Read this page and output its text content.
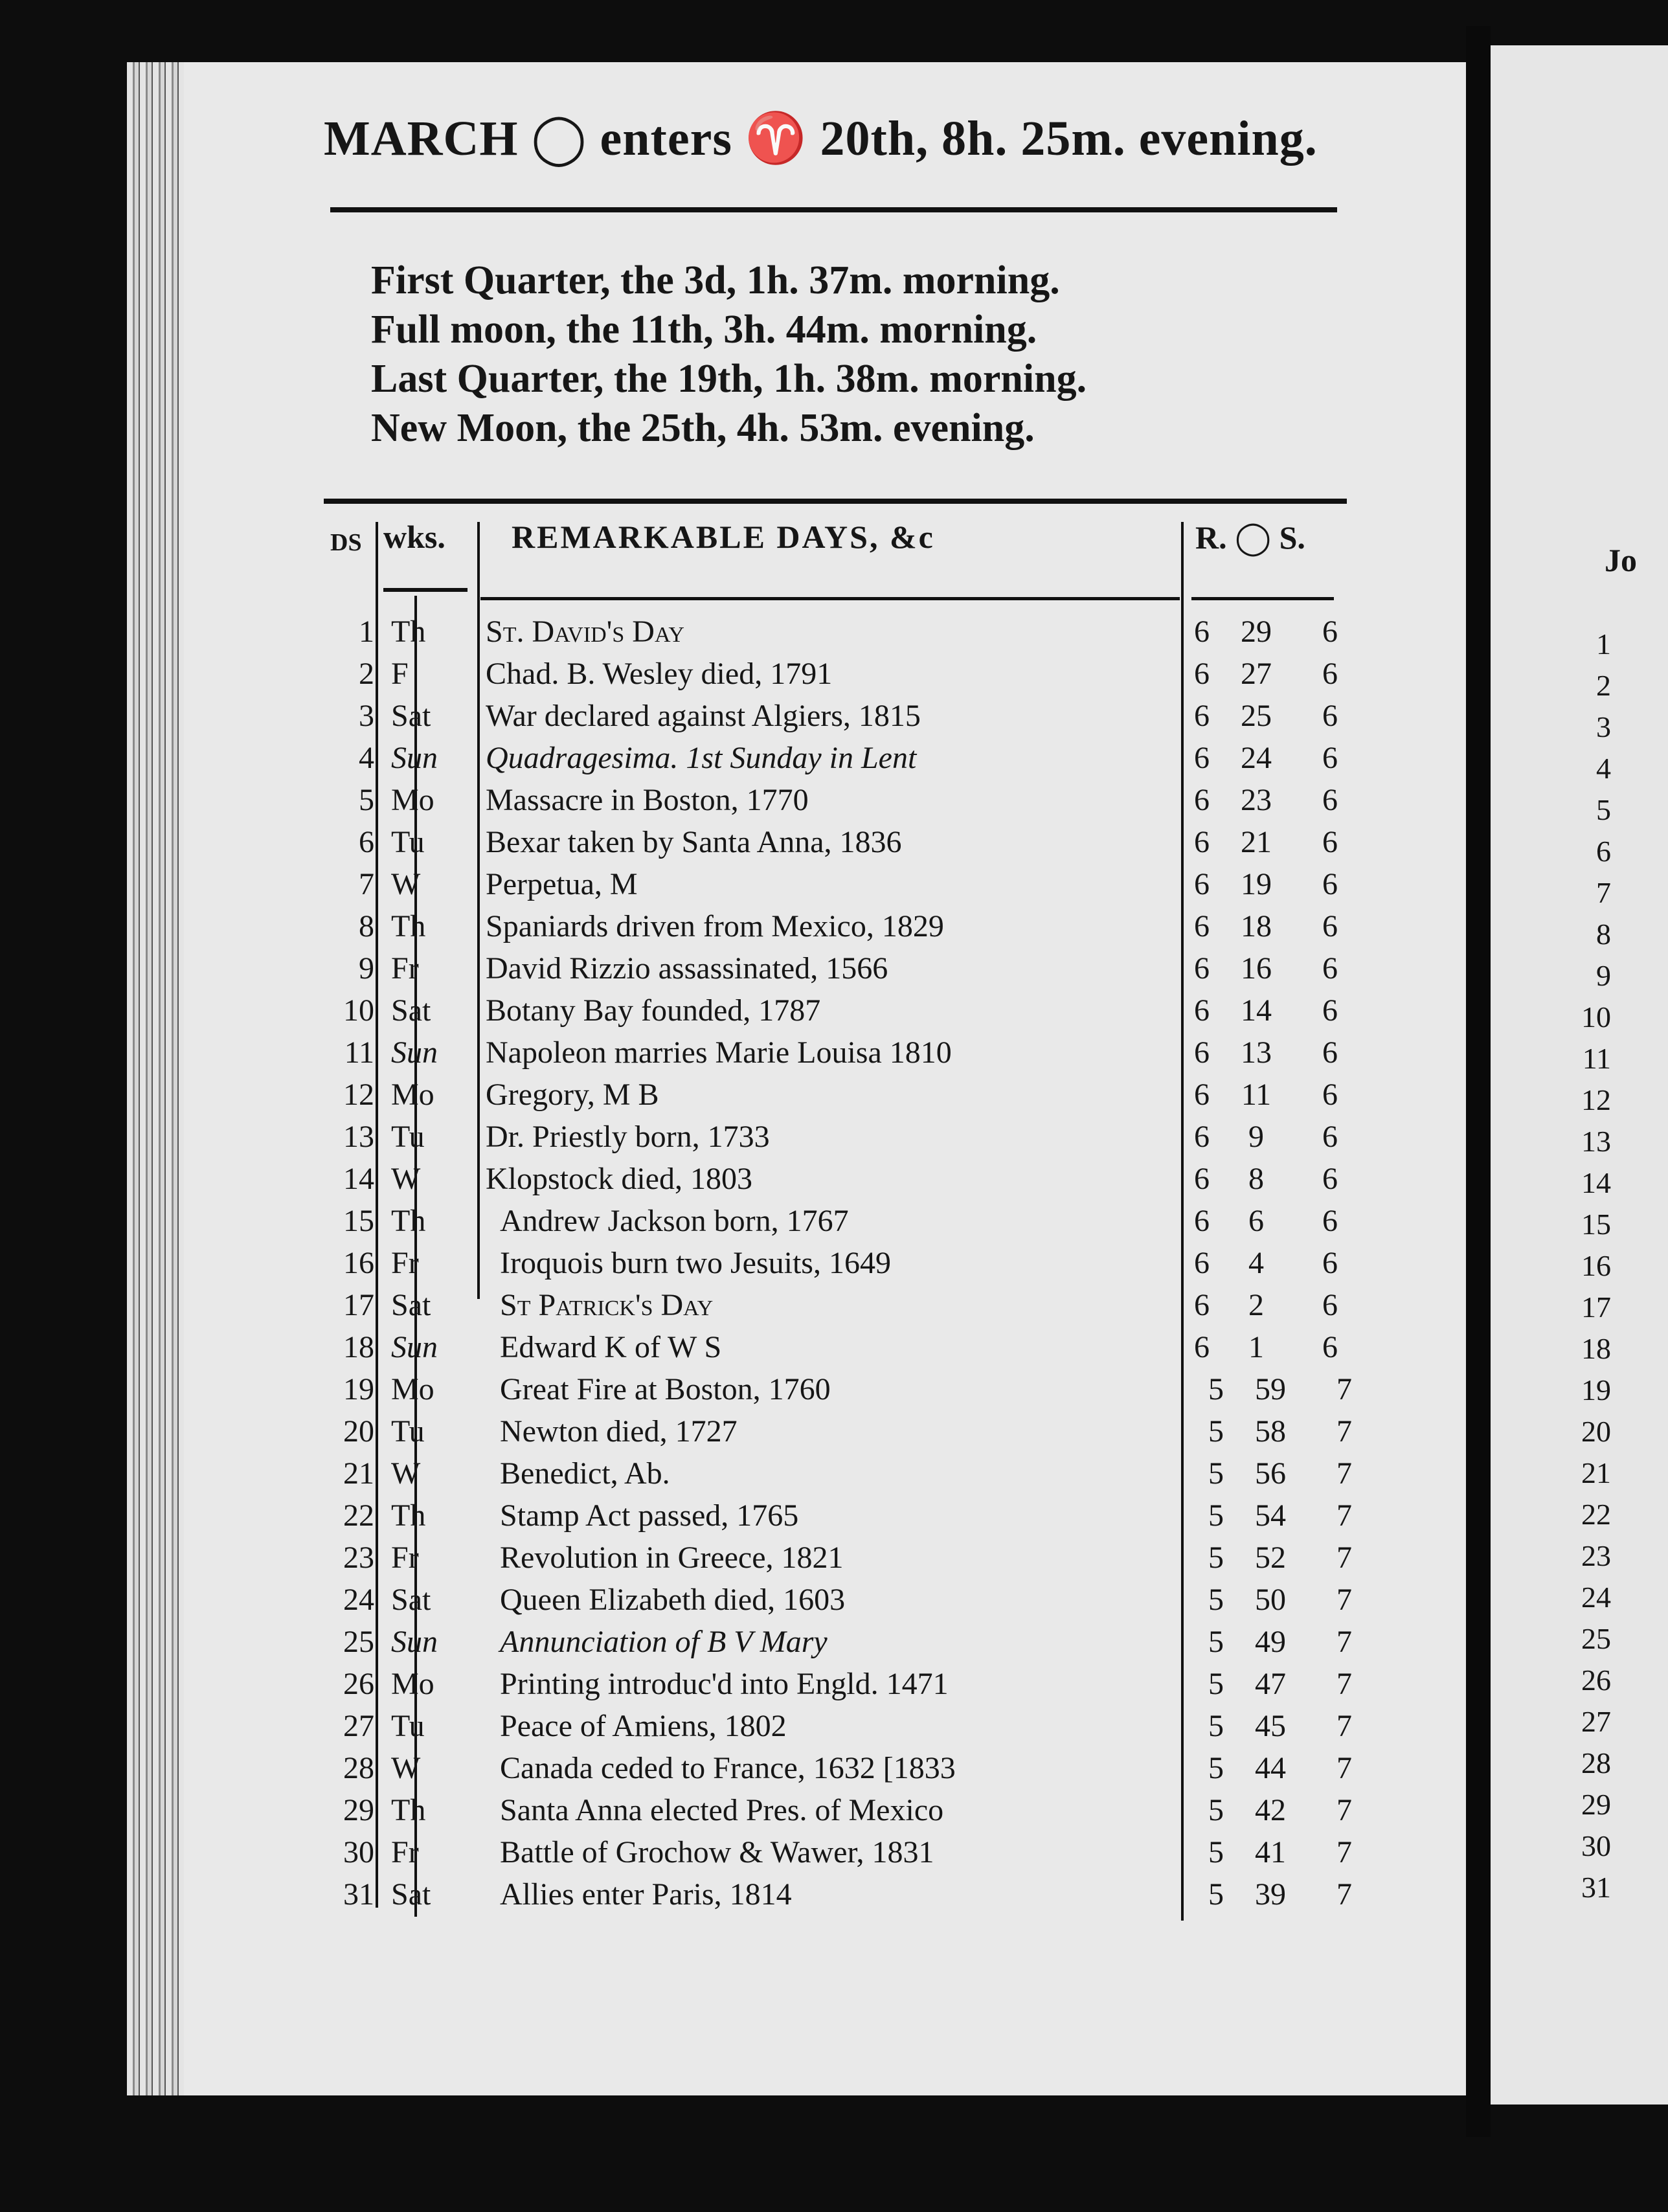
MARCH ◯ enters ♈ 20th, 8h. 25m. evening.
First Quarter, the 3d, 1h. 37m. morning.
Full moon, the 11th, 3h. 44m. morning.
Last Quarter, the 19th, 1h. 38m. morning.
New Moon, the 25th, 4h. 53m. evening.
DS wks. REMARKABLE DAYS, &c	R. ◯ S.
1 Th St. David's Day	6	29	6
2 F Chad. B. Wesley died, 1791	6	27	6
3 Sat War declared against Algiers, 1815	6	25	6
4 Sun Quadragesima. 1st Sunday in Lent	6	24	6
5 Mo Massacre in Boston, 1770	6	23	6
6 Tu Bexar taken by Santa Anna, 1836	6	21	6
7 W Perpetua, M	6	19	6
8 Th Spaniards driven from Mexico, 1829	6	18	6
9 Fr David Rizzio assassinated, 1566	6	16	6
10 Sat Botany Bay founded, 1787	6	14	6
11 Sun Napoleon marries Marie Louisa 1810	6	13	6
12 Mo Gregory, M B	6	11	6
13 Tu Dr. Priestly born, 1733	6	9	6
14 W Klopstock died, 1803	6	8	6
15 Th Andrew Jackson born, 1767	6	6	6
16 Fr	Iroquois burn two Jesuits, 1649	6	4	6
17 Sat St Patrick's Day	6	2	6
18 Sun Edward K of W S	6	1	6
19 Mo Great Fire at Boston, 1760	5	59	7
20 Tu Newton died, 1727	5	58	7
21 W	Benedict, Ab.	5	56	7
22 Th Stamp Act passed, 1765	5	54	7
23 Fr	Revolution in Greece, 1821	5	52	7
24 Sat Queen Elizabeth died, 1603	5	50	7
25 Sun Annunciation of B V Mary	5	49	7
26 Mo Printing introduc'd into Engld. 1471	5	47	7
27 Tu Peace of Amiens, 1802	5	45	7
28 W	Canada ceded to France, 1632 [1833	5	44	7
29 Th Santa Anna elected Pres. of Mexico	5	42	7
30 Fr	Battle of Grochow & Wawer, 1831	5	41	7
31 Sat Allies enter Paris, 1814	5	39	7
Jo
1
2
3
4
5
6
7
8
9
10
11
12
13
14
15
16
17
18
19
20
21
22
23
24
25
26
27
28
29
30
31
